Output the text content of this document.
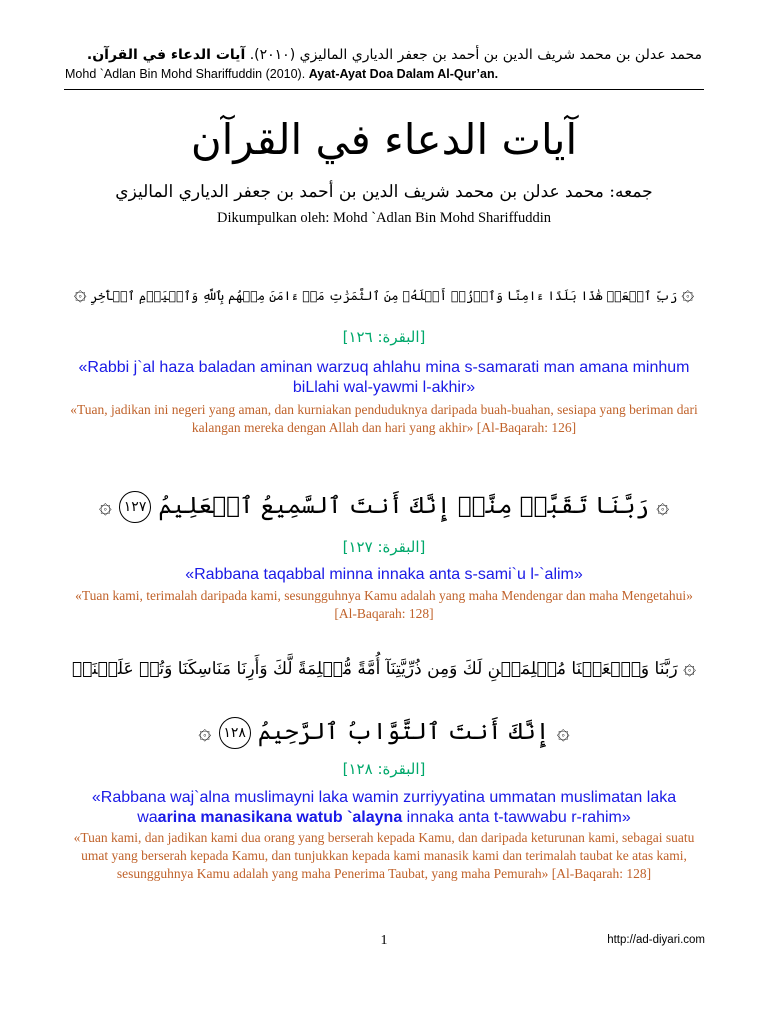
محمد عدلن بن محمد شريف الدين بن أحمد بن جعفر الدياري الماليزي (٢٠١٠). آيات الدعاء في القرآن.
Mohd `Adlan Bin Mohd Shariffuddin (2010). Ayat-Ayat Doa Dalam Al-Qur’an.
آيات الدعاء في القرآن
جمعه: محمد عدلن بن محمد شريف الدين بن أحمد بن جعفر الدياري الماليزي
Dikumpulkan oleh: Mohd `Adlan Bin Mohd Shariffuddin
۞ رَبِّ ٱجۡعَلۡ هَٰذَا بَلَدًا ءَامِنًا وَٱرۡزُقۡ أَهۡلَهُۥ مِنَ ٱلثَّمَرَٰتِ مَنۡ ءَامَنَ مِنۡهُم بِٱللَّهِ وَٱلۡيَوۡمِ ٱلۡأٓخِرِ ۞
[البقرة: ١٢٦]
«Rabbi j`al haza baladan aminan warzuq ahlahu mina s-samarati man amana minhum biLlahi wal-yawmi l-akhir»
«Tuan, jadikan ini negeri yang aman, dan kurniakan penduduknya daripada buah-buahan, sesiapa yang beriman dari kalangan mereka dengan Allah dan hari yang akhir» [Al-Baqarah: 126]
۞ رَبَّنَا تَقَبَّلۡ مِنَّآۖ إِنَّكَ أَنتَ ٱلسَّمِيعُ ٱلۡعَلِيمُ ١٢٧ ۞
[البقرة: ١٢٧]
«Rabbana taqabbal minna innaka anta s-sami`u l-`alim»
«Tuan kami, terimalah daripada kami, sesungguhnya Kamu adalah yang maha Mendengar dan maha Mengetahui» [Al-Baqarah: 128]
۞ رَبَّنَا وَٱجۡعَلۡنَا مُسۡلِمَيۡنِ لَكَ وَمِن ذُرِّيَّتِنَآ أُمَّةً مُّسۡلِمَةً لَّكَ وَأَرِنَا مَنَاسِكَنَا وَتُبۡ عَلَيۡنَآۖ
۞ إِنَّكَ أَنتَ ٱلتَّوَّابُ ٱلرَّحِيمُ ١٢٨ ۞
[البقرة: ١٢٨]
«Rabbana waj`alna muslimayni laka wamin zurriyyatina ummatan muslimatan laka waarina manasikana watub `alayna innaka anta t-tawwabu r-rahim»
«Tuan kami, dan jadikan kami dua orang yang berserah kepada Kamu, dan daripada keturunan kami, sebagai suatu umat yang berserah kepada Kamu, dan tunjukkan kepada kami manasik kami dan terimalah taubat ke atas kami, sesungguhnya Kamu adalah yang maha Penerima Taubat, yang maha Pemurah» [Al-Baqarah: 128]
1	http://ad-diyari.com
